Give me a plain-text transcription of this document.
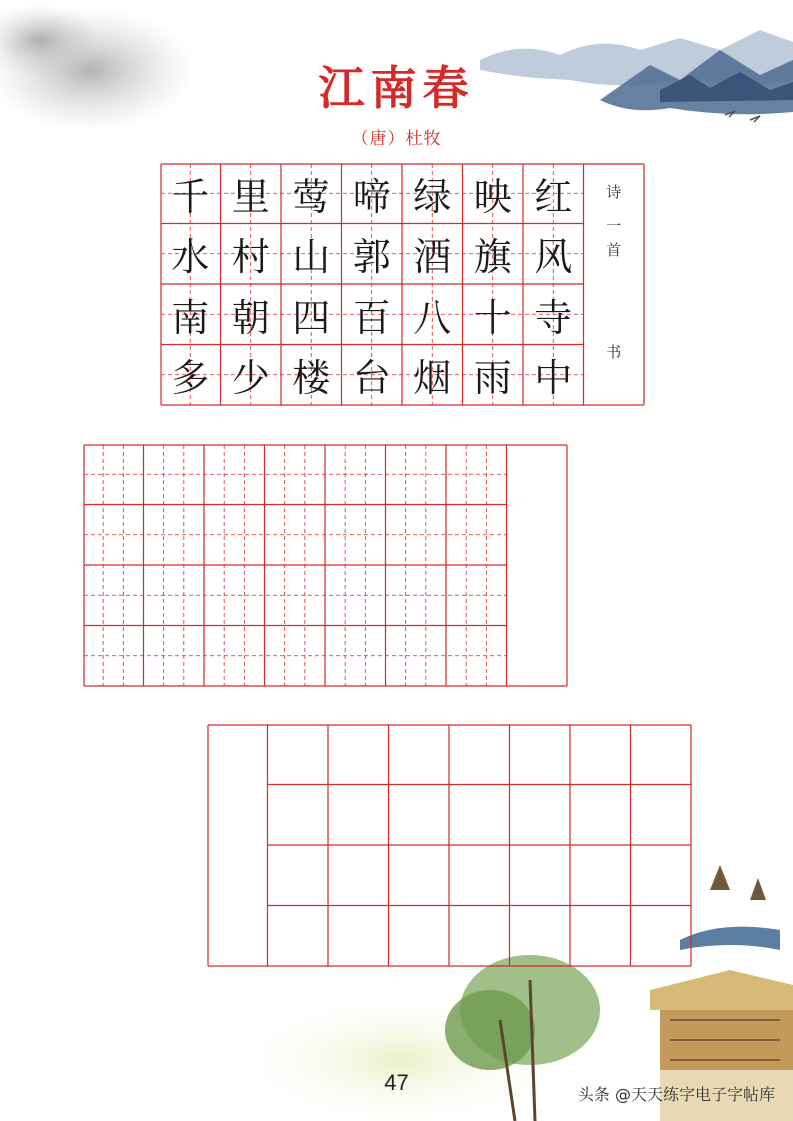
江南春
（唐）杜牧
千 里 莺 啼 绿 映 红
水 村 山 郭 酒 旗 风
南 朝 四 百 八 十 寺
多 少 楼 台 烟 雨 中
诗
一
首
书
47	头条 @天天练字电子字帖库
